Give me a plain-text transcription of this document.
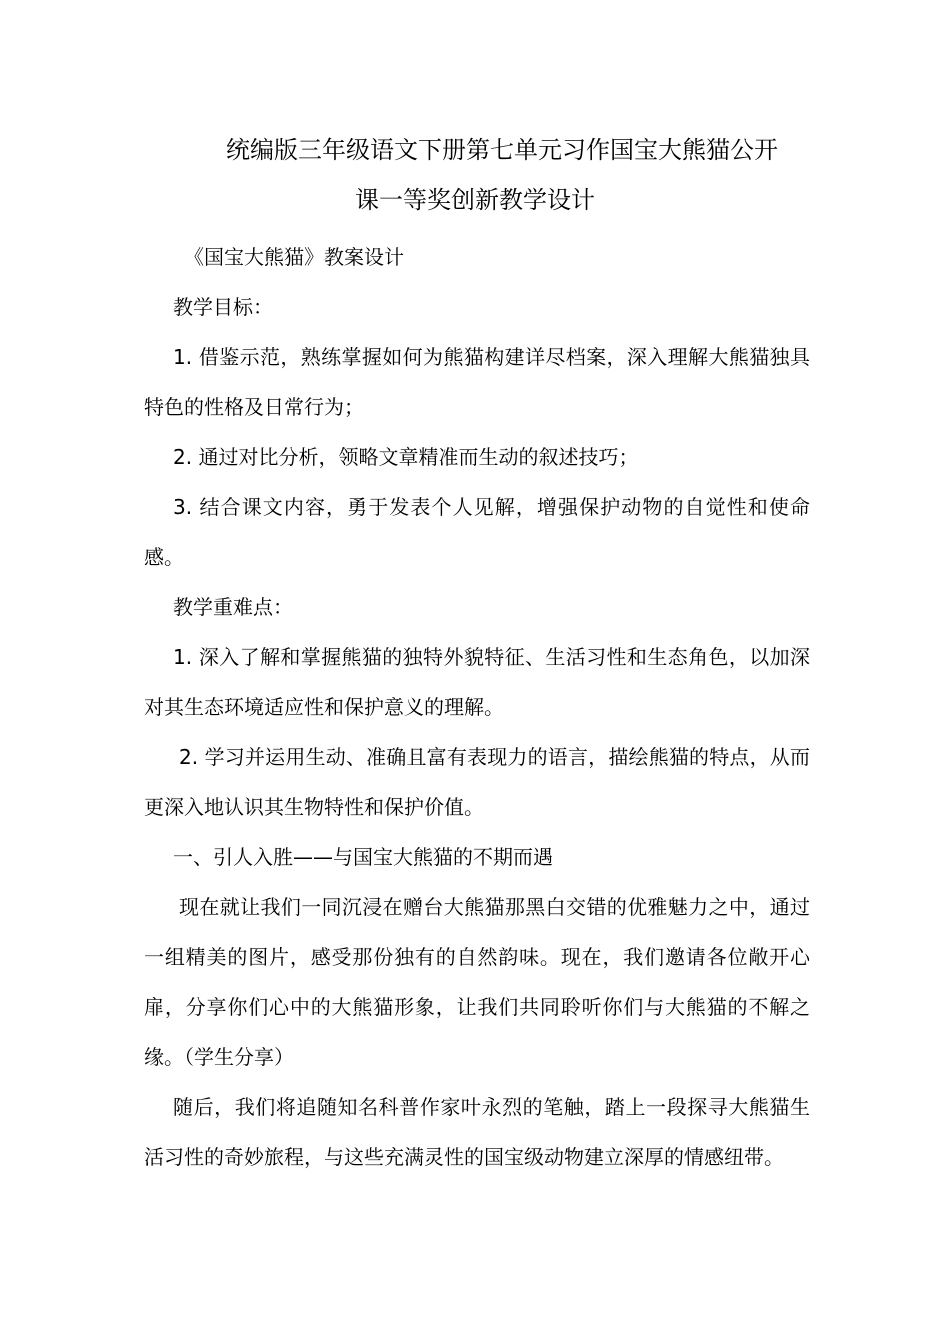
统编版三年级语文下册第七单元习作国宝大熊猫公开
课一等奖创新教学设计

《国宝大熊猫》教案设计

教学目标：

1. 借鉴示范，熟练掌握如何为熊猫构建详尽档案，深入理解大熊猫独具特色的性格及日常行为；

2. 通过对比分析，领略文章精准而生动的叙述技巧；

3. 结合课文内容，勇于发表个人见解，增强保护动物的自觉性和使命感。

教学重难点：

1. 深入了解和掌握熊猫的独特外貌特征、生活习性和生态角色，以加深对其生态环境适应性和保护意义的理解。

2. 学习并运用生动、准确且富有表现力的语言，描绘熊猫的特点，从而更深入地认识其生物特性和保护价值。

一、引人入胜——与国宝大熊猫的不期而遇

现在就让我们一同沉浸在赠台大熊猫那黑白交错的优雅魅力之中，通过一组精美的图片，感受那份独有的自然韵味。现在，我们邀请各位敞开心扉，分享你们心中的大熊猫形象，让我们共同聆听你们与大熊猫的不解之缘。（学生分享）

随后，我们将追随知名科普作家叶永烈的笔触，踏上一段探寻大熊猫生活习性的奇妙旅程，与这些充满灵性的国宝级动物建立深厚的情感纽带。
